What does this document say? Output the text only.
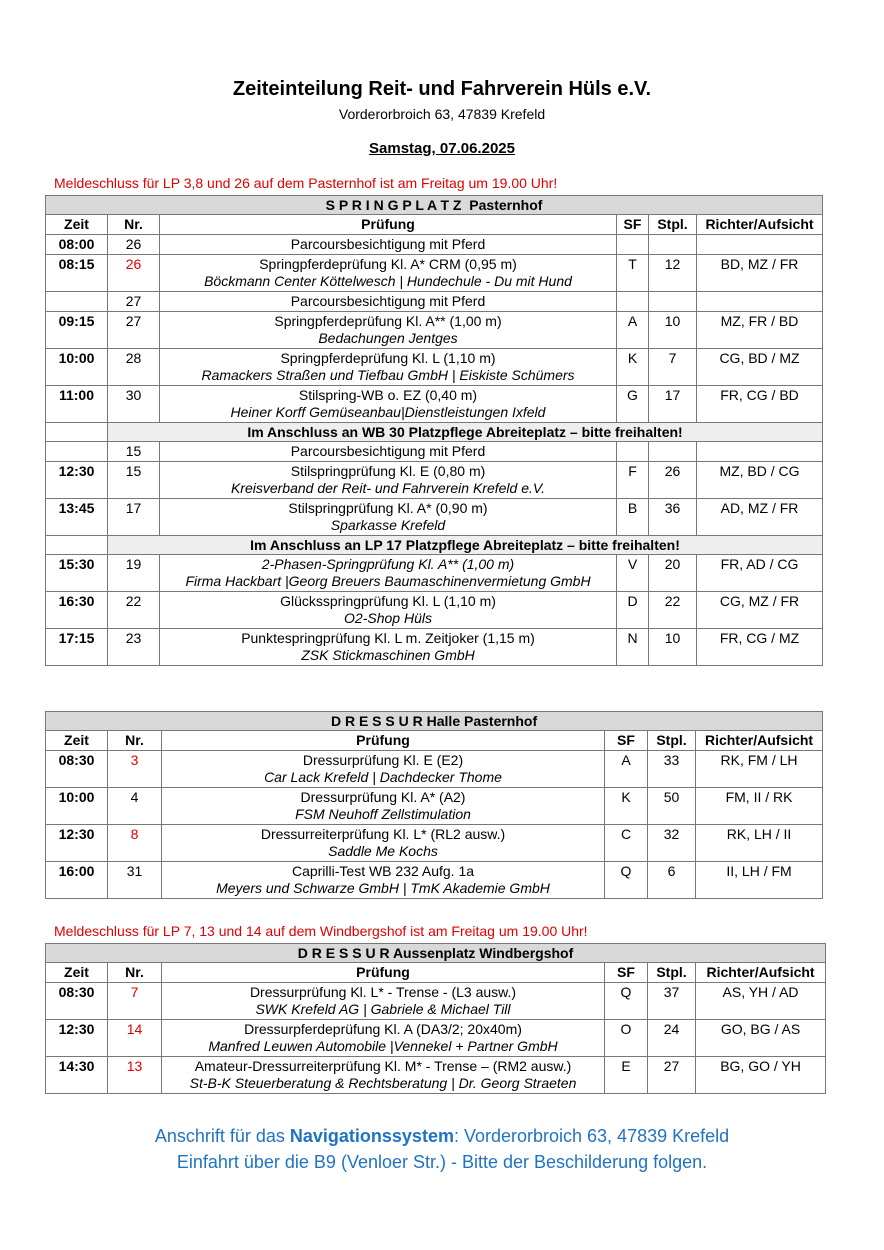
Zeiteinteilung Reit- und Fahrverein Hüls e.V.
Vorderorbroich 63, 47839 Krefeld
Samstag, 07.06.2025
Meldeschluss für LP 3,8 und 26 auf dem Pasternhof ist am Freitag um 19.00 Uhr!
S P R I N G P L A T Z Pasternhof					
Zeit	Nr.	Prüfung	SF	Stpl.	Richter/Aufsicht
08:00	26	Parcoursbesichtigung mit Pferd			

08:15	26	Springpferdeprüfung Kl. A* CRM (0,95 m)
Böckmann Center Köttelwesch | Hundechule - Du mit Hund	T	12	BD, MZ / FR
	27	Parcoursbesichtigung mit Pferd			

09:15	27	Springpferdeprüfung Kl. A** (1,00 m)
Bedachungen Jentges	A	10	MZ, FR / BD
10:00	28	Springpferdeprüfung Kl. L (1,10 m)
Ramackers Straßen und Tiefbau GmbH | Eiskiste Schümers	K	7	CG, BD / MZ
11:00	30	Stilspring-WB o. EZ (0,40 m)
Heiner Korff Gemüseanbau|Dienstleistungen Ixfeld	G	17	FR, CG / BD
	Im Anschluss an WB 30 Platzpflege Abreiteplatz – bitte freihalten!				
	15	Parcoursbesichtigung mit Pferd			

12:30	15	Stilspringprüfung Kl. E (0,80 m)
Kreisverband der Reit- und Fahrverein Krefeld e.V.	F	26	MZ, BD / CG
13:45	17	Stilspringprüfung Kl. A* (0,90 m)
Sparkasse Krefeld	B	36	AD, MZ / FR
	Im Anschluss an LP 17 Platzpflege Abreiteplatz – bitte freihalten!				
15:30	19	2-Phasen-Springprüfung Kl. A** (1,00 m)
Firma Hackbart |Georg Breuers Baumaschinenvermietung GmbH	V	20	FR, AD / CG
16:30	22	Glücksspringprüfung Kl. L (1,10 m)
O2-Shop Hüls	D	22	CG, MZ / FR
17:15	23	Punktespringprüfung Kl. L m. Zeitjoker (1,15 m)
ZSK Stickmaschinen GmbH	N	10	FR, CG / MZ
D R E S S U R Halle Pasternhof					
Zeit	Nr.	Prüfung	SF	Stpl.	Richter/Aufsicht
08:30	3	Dressurprüfung Kl. E (E2)
Car Lack Krefeld | Dachdecker Thome	A	33	RK, FM / LH
10:00	4	Dressurprüfung Kl. A* (A2)
FSM Neuhoff Zellstimulation	K	50	FM, II / RK
12:30	8	Dressurreiterprüfung Kl. L* (RL2 ausw.)
Saddle Me Kochs	C	32	RK, LH / II
16:00	31	Caprilli-Test WB 232 Aufg. 1a
Meyers und Schwarze GmbH | TmK Akademie GmbH	Q	6	II, LH / FM
Meldeschluss für LP 7, 13 und 14 auf dem Windbergshof ist am Freitag um 19.00 Uhr!
D R E S S U R Aussenplatz Windbergshof					
Zeit	Nr.	Prüfung	SF	Stpl.	Richter/Aufsicht
08:30	7	Dressurprüfung Kl. L* - Trense - (L3 ausw.)
SWK Krefeld AG | Gabriele & Michael Till	Q	37	AS, YH / AD
12:30	14	Dressurpferdeprüfung Kl. A (DA3/2; 20x40m)
Manfred Leuwen Automobile |Vennekel + Partner GmbH	O	24	GO, BG / AS
14:30	13	Amateur-Dressurreiterprüfung Kl. M* - Trense – (RM2 ausw.)
St-B-K Steuerberatung & Rechtsberatung | Dr. Georg Straeten	E	27	BG, GO / YH
Anschrift für das Navigationssystem: Vorderorbroich 63, 47839 Krefeld
Einfahrt über die B9 (Venloer Str.) - Bitte der Beschilderung folgen.
